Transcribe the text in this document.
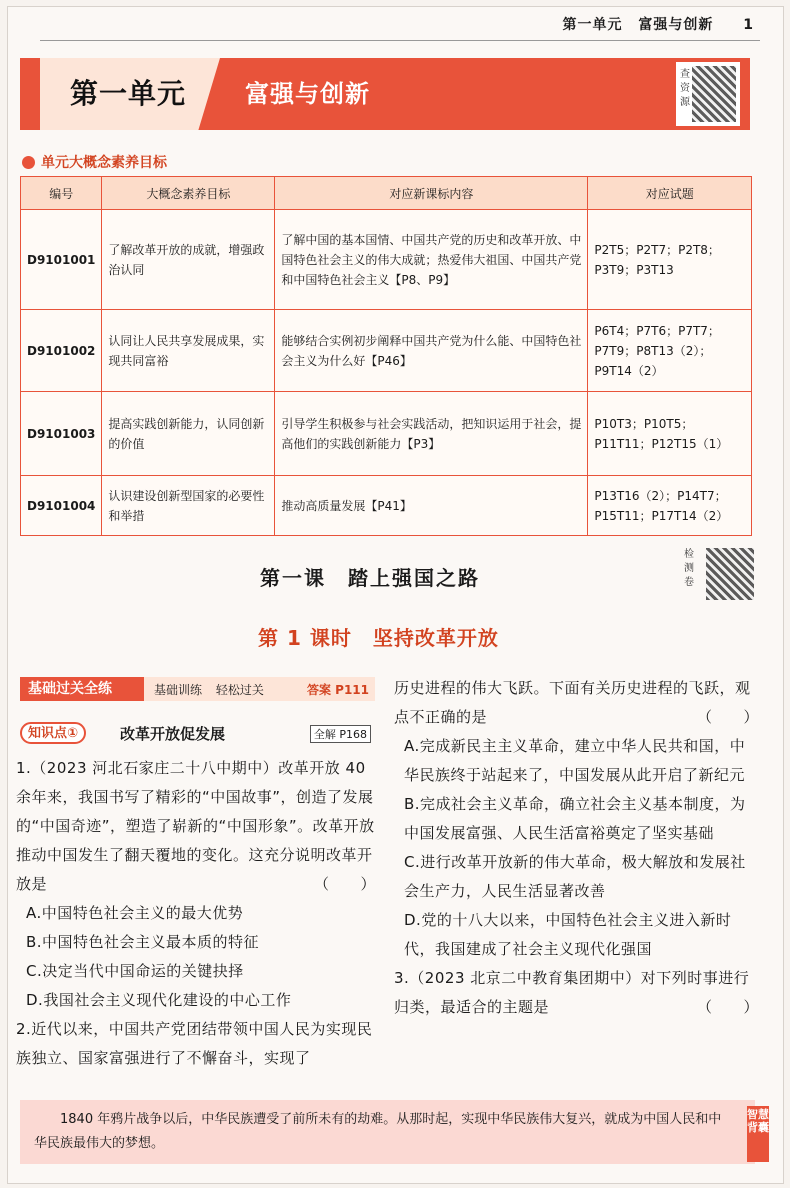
第一单元 富强与创新 1
第一单元 富强与创新
查资源
单元大概念素养目标
编号	大概念素养目标	对应新课标内容	对应试题
D9101001	了解改革开放的成就，增强政治认同	了解中国的基本国情、中国共产党的历史和改革开放、中国特色社会主义的伟大成就；热爱伟大祖国、中国共产党和中国特色社会主义【P8、P9】	P2T5；P2T7；P2T8；P3T9；P3T13
D9101002	认同让人民共享发展成果，实现共同富裕	能够结合实例初步阐释中国共产党为什么能、中国特色社会主义为什么好【P46】	P6T4；P7T6；P7T7；P7T9；P8T13（2）；P9T14（2）
D9101003	提高实践创新能力，认同创新的价值	引导学生积极参与社会实践活动，把知识运用于社会，提高他们的实践创新能力【P3】	P10T3；P10T5；P11T11；P12T15（1）
D9101004	认识建设创新型国家的必要性和举措	推动高质量发展【P41】	P13T16（2）；P14T7；P15T11；P17T14（2）
第一课　踏上强国之路
检测卷
第 1 课时　坚持改革开放
基础过关全练	基础训练 轻松过关	答案 P111
知识点①	改革开放促发展	全解 P168
1.（2023 河北石家庄二十八中期中）改革开放 40 余年来，我国书写了精彩的“中国故事”，创造了发展的“中国奇迹”，塑造了崭新的“中国形象”。改革开放推动中国发生了翻天覆地的变化。这充分说明改革开放是	（　　）
A.中国特色社会主义的最大优势
B.中国特色社会主义最本质的特征
C.决定当代中国命运的关键抉择
D.我国社会主义现代化建设的中心工作
2.近代以来，中国共产党团结带领中国人民为实现民族独立、国家富强进行了不懈奋斗，实现了
历史进程的伟大飞跃。下面有关历史进程的飞跃，观点不正确的是	（　　）
A.完成新民主主义革命，建立中华人民共和国，中华民族终于站起来了，中国发展从此开启了新纪元
B.完成社会主义革命，确立社会主义基本制度，为中国发展富强、人民生活富裕奠定了坚实基础
C.进行改革开放新的伟大革命，极大解放和发展社会生产力，人民生活显著改善
D.党的十八大以来，中国特色社会主义进入新时代，我国建成了社会主义现代化强国
3.（2023 北京二中教育集团期中）对下列时事进行归类，最适合的主题是	（　　）
1840 年鸦片战争以后，中华民族遭受了前所未有的劫难。从那时起，实现中华民族伟大复兴，就成为中国人民和中华民族最伟大的梦想。
智慧背囊
